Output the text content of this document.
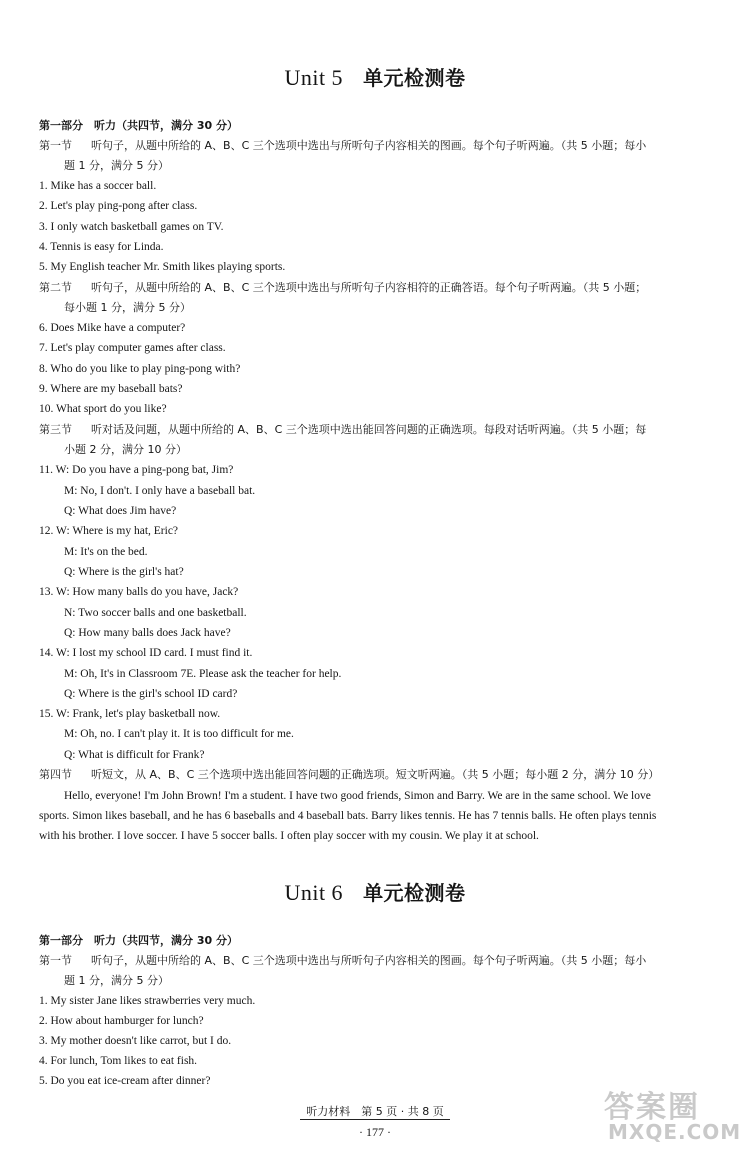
Unit 5 单元检测卷
第一部分　听力（共四节，满分 30 分）
第一节 听句子，从题中所给的 A、B、C 三个选项中选出与所听句子内容相关的图画。每个句子听两遍。（共 5 小题；每小
题 1 分，满分 5 分）
1. Mike has a soccer ball.
2. Let's play ping-pong after class.
3. I only watch basketball games on TV.
4. Tennis is easy for Linda.
5. My English teacher Mr. Smith likes playing sports.
第二节 听句子，从题中所给的 A、B、C 三个选项中选出与所听句子内容相符的正确答语。每个句子听两遍。（共 5 小题；
每小题 1 分，满分 5 分）
6. Does Mike have a computer?
7. Let's play computer games after class.
8. Who do you like to play ping-pong with?
9. Where are my baseball bats?
10. What sport do you like?
第三节 听对话及问题，从题中所给的 A、B、C 三个选项中选出能回答问题的正确选项。每段对话听两遍。（共 5 小题；每
小题 2 分，满分 10 分）
11. W: Do you have a ping-pong bat, Jim?
M: No, I don't. I only have a baseball bat.
Q: What does Jim have?
12. W: Where is my hat, Eric?
M: It's on the bed.
Q: Where is the girl's hat?
13. W: How many balls do you have, Jack?
N: Two soccer balls and one basketball.
Q: How many balls does Jack have?
14. W: I lost my school ID card. I must find it.
M: Oh, It's in Classroom 7E. Please ask the teacher for help.
Q: Where is the girl's school ID card?
15. W: Frank, let's play basketball now.
M: Oh, no. I can't play it. It is too difficult for me.
Q: What is difficult for Frank?
第四节 听短文，从 A、B、C 三个选项中选出能回答问题的正确选项。短文听两遍。（共 5 小题；每小题 2 分，满分 10 分）
Hello, everyone! I'm John Brown! I'm a student. I have two good friends, Simon and Barry. We are in the same school. We love
sports. Simon likes baseball, and he has 6 baseballs and 4 baseball bats. Barry likes tennis. He has 7 tennis balls. He often plays tennis
with his brother. I love soccer. I have 5 soccer balls. I often play soccer with my cousin. We play it at school.
Unit 6 单元检测卷
第一部分　听力（共四节，满分 30 分）
第一节 听句子，从题中所给的 A、B、C 三个选项中选出与所听句子内容相关的图画。每个句子听两遍。（共 5 小题；每小
题 1 分，满分 5 分）
1. My sister Jane likes strawberries very much.
2. How about hamburger for lunch?
3. My mother doesn't like carrot, but I do.
4. For lunch, Tom likes to eat fish.
5. Do you eat ice-cream after dinner?
听力材料　第 5 页 · 共 8 页
· 177 ·
答案圈
MXQE.COM
